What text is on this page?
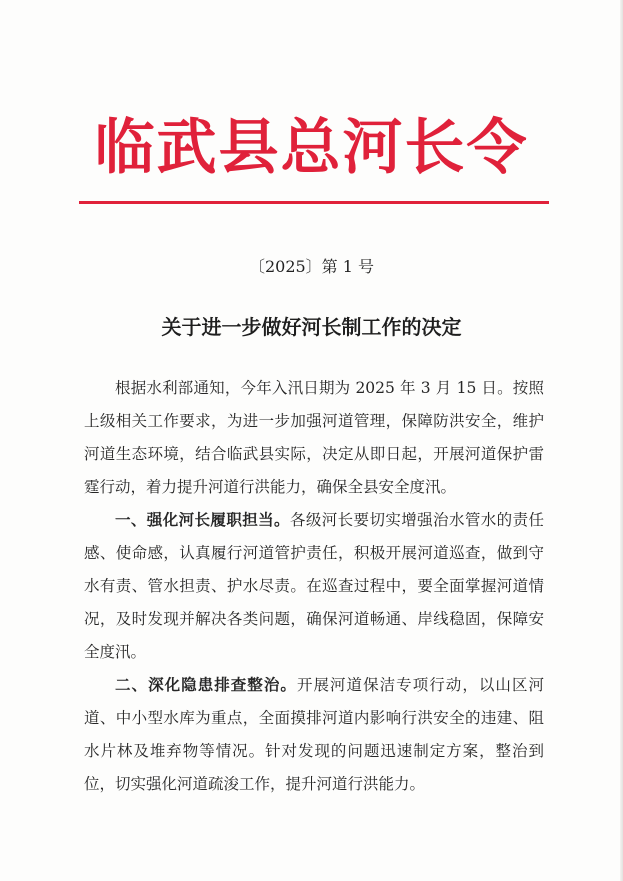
临武县总河长令
〔2025〕第 1 号
关于进一步做好河长制工作的决定

根据水利部通知，今年入汛日期为 2025 年 3 月 15 日。按照上级相关工作要求，为进一步加强河道管理，保障防洪安全，维护河道生态环境，结合临武县实际，决定从即日起，开展河道保护雷霆行动，着力提升河道行洪能力，确保全县安全度汛。

一、强化河长履职担当。各级河长要切实增强治水管水的责任感、使命感，认真履行河道管护责任，积极开展河道巡查，做到守水有责、管水担责、护水尽责。在巡查过程中，要全面掌握河道情况，及时发现并解决各类问题，确保河道畅通、岸线稳固，保障安全度汛。

二、深化隐患排查整治。开展河道保洁专项行动，以山区河道、中小型水库为重点，全面摸排河道内影响行洪安全的违建、阻水片林及堆弃物等情况。针对发现的问题迅速制定方案，整治到位，切实强化河道疏浚工作，提升河道行洪能力。
